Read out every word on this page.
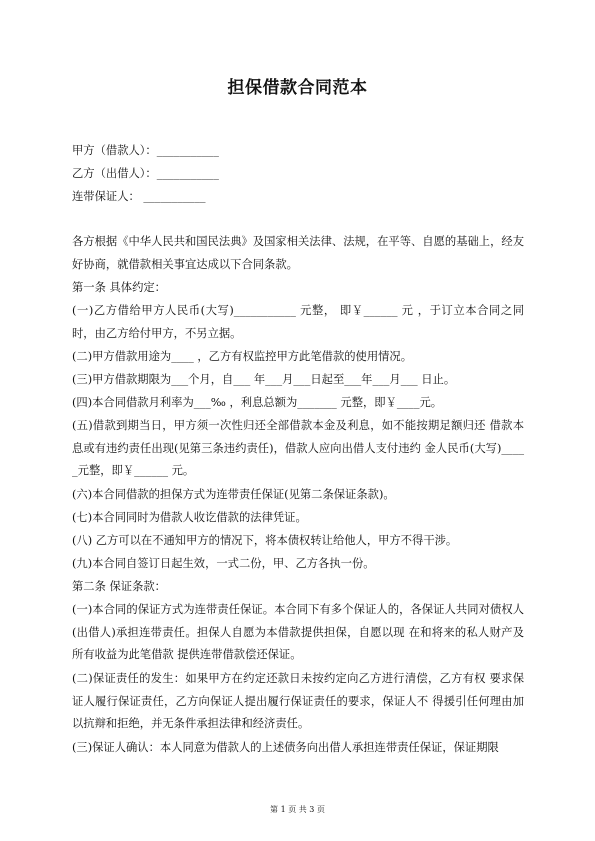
担保借款合同范本

甲方（借款人）：___________

乙方（出借人）：___________

连带保证人： ___________

各方根据《中华人民共和国民法典》及国家相关法律、法规，在平等、自愿的基础上，经友好协商，就借款相关事宜达成以下合同条款。

第一条 具体约定：

(一)乙方借给甲方人民币(大写)___________ 元整， 即￥______ 元 ，于订立本合同之同时，由乙方给付甲方，不另立据。

(二)甲方借款用途为____ ，乙方有权监控甲方此笔借款的使用情况。

(三)甲方借款期限为___个月，自___ 年___月___日起至___年___月___ 日止。

(四)本合同借款月利率为___‰ ，利息总额为_______ 元整，即￥____元。

(五)借款到期当日，甲方须一次性归还全部借款本金及利息，如不能按期足额归还 借款本息或有违约责任出现(见第三条违约责任)，借款人应向出借人支付违约 金人民币(大写)_____元整，即￥______ 元。

(六)本合同借款的担保方式为连带责任保证(见第二条保证条款)。

(七)本合同同时为借款人收讫借款的法律凭证。

(八) 乙方可以在不通知甲方的情况下，将本债权转让给他人，甲方不得干涉。

(九)本合同自签订日起生效，一式二份，甲、乙方各执一份。

第二条 保证条款：

(一)本合同的保证方式为连带责任保证。本合同下有多个保证人的，各保证人共同对债权人(出借人)承担连带责任。担保人自愿为本借款提供担保，自愿以现 在和将来的私人财产及所有收益为此笔借款 提供连带借款偿还保证。

(二)保证责任的发生：如果甲方在约定还款日未按约定向乙方进行清偿，乙方有权 要求保证人履行保证责任，乙方向保证人提出履行保证责任的要求，保证人不 得援引任何理由加以抗辩和拒绝，并无条件承担法律和经济责任。

(三)保证人确认：本人同意为借款人的上述债务向出借人承担连带责任保证，保证期限

第 1 页 共 3 页
